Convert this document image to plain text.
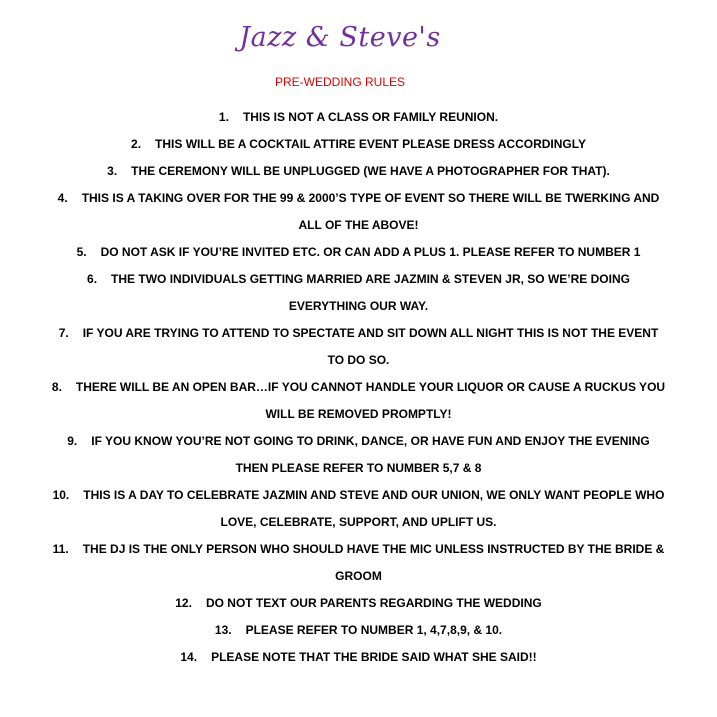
Jazz & Steve's
PRE-WEDDING RULES
1. THIS IS NOT A CLASS OR FAMILY REUNION.
2. THIS WILL BE A COCKTAIL ATTIRE EVENT PLEASE DRESS ACCORDINGLY
3. THE CEREMONY WILL BE UNPLUGGED (WE HAVE A PHOTOGRAPHER FOR THAT).
4. THIS IS A TAKING OVER FOR THE 99 & 2000’S TYPE OF EVENT SO THERE WILL BE TWERKING AND ALL OF THE ABOVE!
5. DO NOT ASK IF YOU’RE INVITED ETC. OR CAN ADD A PLUS 1. PLEASE REFER TO NUMBER 1
6. THE TWO INDIVIDUALS GETTING MARRIED ARE JAZMIN & STEVEN JR, SO WE’RE DOING EVERYTHING OUR WAY.
7. IF YOU ARE TRYING TO ATTEND TO SPECTATE AND SIT DOWN ALL NIGHT THIS IS NOT THE EVENT TO DO SO.
8. THERE WILL BE AN OPEN BAR…IF YOU CANNOT HANDLE YOUR LIQUOR OR CAUSE A RUCKUS YOU WILL BE REMOVED PROMPTLY!
9. IF YOU KNOW YOU’RE NOT GOING TO DRINK, DANCE, OR HAVE FUN AND ENJOY THE EVENING THEN PLEASE REFER TO NUMBER 5,7 & 8
10. THIS IS A DAY TO CELEBRATE JAZMIN AND STEVE AND OUR UNION, WE ONLY WANT PEOPLE WHO LOVE, CELEBRATE, SUPPORT, AND UPLIFT US.
11. THE DJ IS THE ONLY PERSON WHO SHOULD HAVE THE MIC UNLESS INSTRUCTED BY THE BRIDE & GROOM
12. DO NOT TEXT OUR PARENTS REGARDING THE WEDDING
13. PLEASE REFER TO NUMBER 1, 4,7,8,9, & 10.
14. PLEASE NOTE THAT THE BRIDE SAID WHAT SHE SAID!!
